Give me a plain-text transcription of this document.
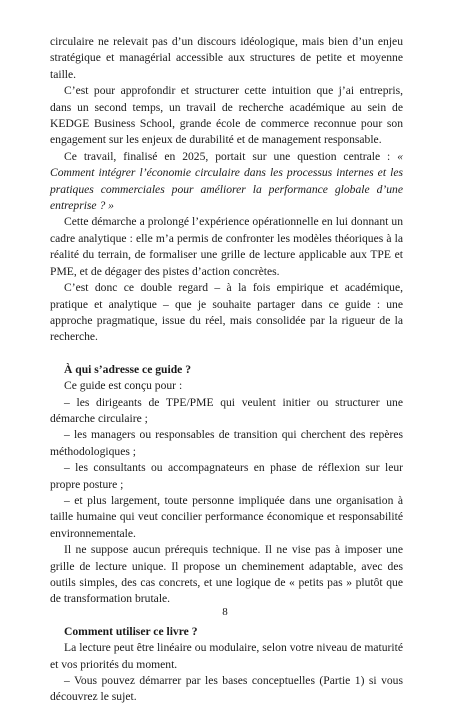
circulaire ne relevait pas d’un discours idéologique, mais bien d’un enjeu stratégique et managérial accessible aux structures de petite et moyenne taille.

C’est pour approfondir et structurer cette intuition que j’ai entrepris, dans un second temps, un travail de recherche académique au sein de KEDGE Business School, grande école de commerce reconnue pour son engagement sur les enjeux de durabilité et de management responsable.

Ce travail, finalisé en 2025, portait sur une question centrale : « Comment intégrer l’économie circulaire dans les processus internes et les pratiques commerciales pour améliorer la performance globale d’une entreprise ? »

Cette démarche a prolongé l’expérience opérationnelle en lui donnant un cadre analytique : elle m’a permis de confronter les modèles théoriques à la réalité du terrain, de formaliser une grille de lecture applicable aux TPE et PME, et de dégager des pistes d’action concrètes.

C’est donc ce double regard – à la fois empirique et académique, pratique et analytique – que je souhaite partager dans ce guide : une approche pragmatique, issue du réel, mais consolidée par la rigueur de la recherche.

À qui s’adresse ce guide ?

Ce guide est conçu pour :

– les dirigeants de TPE/PME qui veulent initier ou structurer une démarche circulaire ;

– les managers ou responsables de transition qui cherchent des repères méthodologiques ;

– les consultants ou accompagnateurs en phase de réflexion sur leur propre posture ;

– et plus largement, toute personne impliquée dans une organisation à taille humaine qui veut concilier performance économique et responsabilité environnementale.

Il ne suppose aucun prérequis technique. Il ne vise pas à imposer une grille de lecture unique. Il propose un cheminement adaptable, avec des outils simples, des cas concrets, et une logique de « petits pas » plutôt que de transformation brutale.

Comment utiliser ce livre ?

La lecture peut être linéaire ou modulaire, selon votre niveau de maturité et vos priorités du moment.

– Vous pouvez démarrer par les bases conceptuelles (Partie 1) si vous découvrez le sujet.

8
